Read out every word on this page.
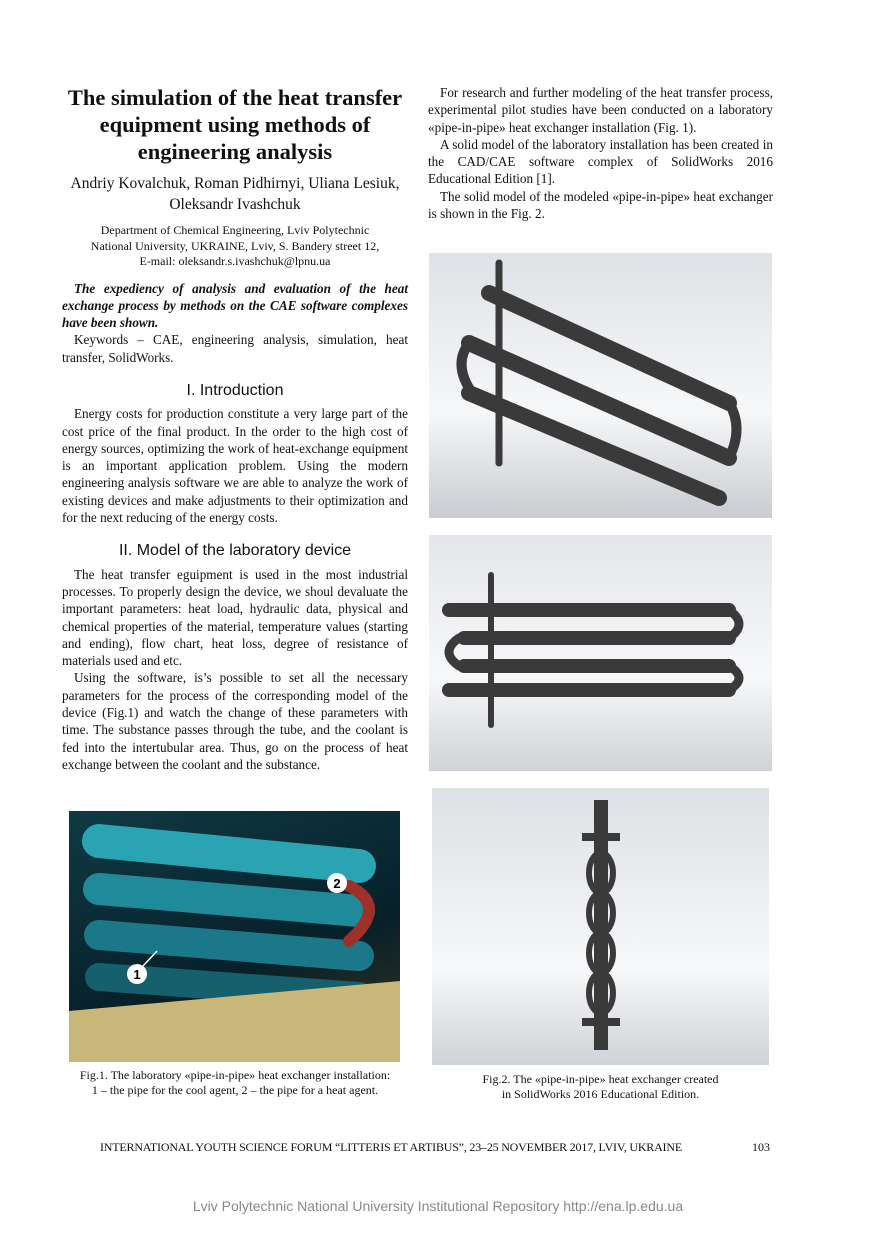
The simulation of the heat transfer equipment using methods of engineering analysis
Andriy Kovalchuk, Roman Pidhirnyi, Uliana Lesiuk, Oleksandr Ivashchuk
Department of Chemical Engineering, Lviv Polytechnic
National University, UKRAINE, Lviv, S. Bandery street 12,
E-mail: oleksandr.s.ivashchuk@lpnu.ua

The expediency of analysis and evaluation of the heat exchange process by methods on the CAE software complexes have been shown.

Keywords – CAE, engineering analysis, simulation, heat transfer, SolidWorks.

I. Introduction

Energy costs for production constitute a very large part of the cost price of the final product. In the order to the high cost of energy sources, optimizing the work of heat-exchange equipment is an important application problem. Using the modern engineering analysis software we are able to analyze the work of existing devices and make adjustments to their optimization and for the next reducing of the energy costs.

II. Model of the laboratory device

The heat transfer eguipment is used in the most industrial processes. To properly design the device, we shoul devaluate the important parameters: heat load, hydraulic data, physical and chemical properties of the material, temperature values (starting and ending), flow chart, heat loss, degree of resistance of materials used and etc.

Using the software, is’s possible to set all the necessary parameters for the process of the corresponding model of the device (Fig.1) and watch the change of these parameters with time. The substance passes through the tube, and the coolant is fed into the intertubular area. Thus, go on the process of heat exchange between the coolant and the substance.

For research and further modeling of the heat transfer process, experimental pilot studies have been conducted on a laboratory «pipe-in-pipe» heat exchanger installation (Fig. 1).

A solid model of the laboratory installation has been created in the CAD/CAE software complex of SolidWorks 2016 Educational Edition [1].

The solid model of the modeled «pipe-in-pipe» heat exchanger is shown in the Fig. 2.

2
1
Fig.1. The laboratory «pipe-in-pipe» heat exchanger installation:
1 – the pipe for the cool agent, 2 – the pipe for a heat agent.
Fig.2. The «pipe-in-pipe» heat exchanger created
in SolidWorks 2016 Educational Edition.
INTERNATIONAL YOUTH SCIENCE FORUM “LITTERIS ET ARTIBUS”, 23–25 NOVEMBER 2017, LVIV, UKRAINE	103
Lviv Polytechnic National University Institutional Repository http://ena.lp.edu.ua
